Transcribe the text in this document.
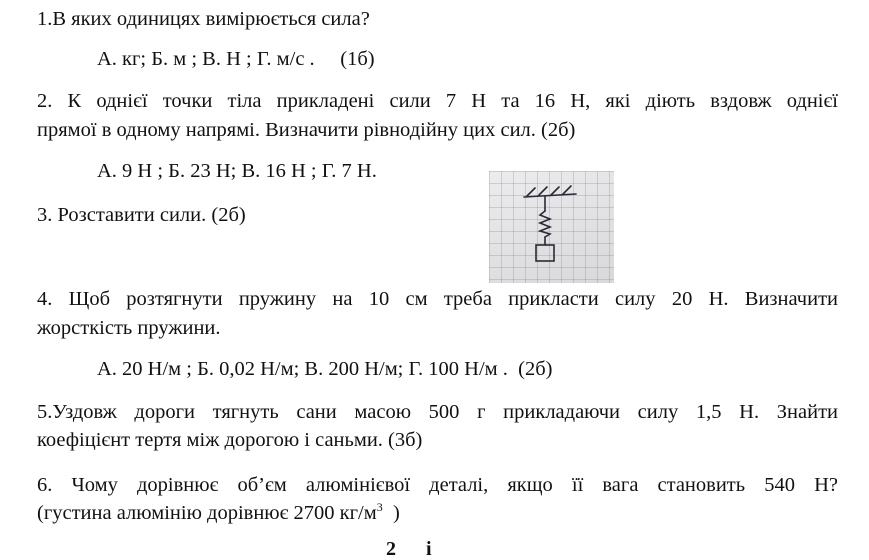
1.В яких одиницях вимірюється сила?
А. кг; Б. м ; В. Н ; Г. м/с .     (1б)
2. К однієї точки тіла прикладені сили 7 Н та 16 Н, які діють вздовж однієї
прямої в одному напрямі. Визначити рівнодійну цих сил. (2б)
А. 9 Н ; Б. 23 Н; В. 16 Н ; Г. 7 Н.
3. Розставити сили. (2б)
4. Щоб розтягнути пружину на 10 см треба прикласти силу 20 Н. Визначити
жорсткість пружини.
А. 20 Н/м ; Б. 0,02 Н/м; В. 200 Н/м; Г. 100 Н/м .  (2б)
5.Уздовж дороги тягнуть сани масою 500 г прикладаючи силу 1,5 Н. Знайти
коефіцієнт тертя між дорогою і саньми. (3б)
6. Чому дорівнює об’єм алюмінієвої деталі, якщо її вага становить 540 Н?
(густина алюмінію дорівнює 2700 $кг/м^3$  )
2      і
